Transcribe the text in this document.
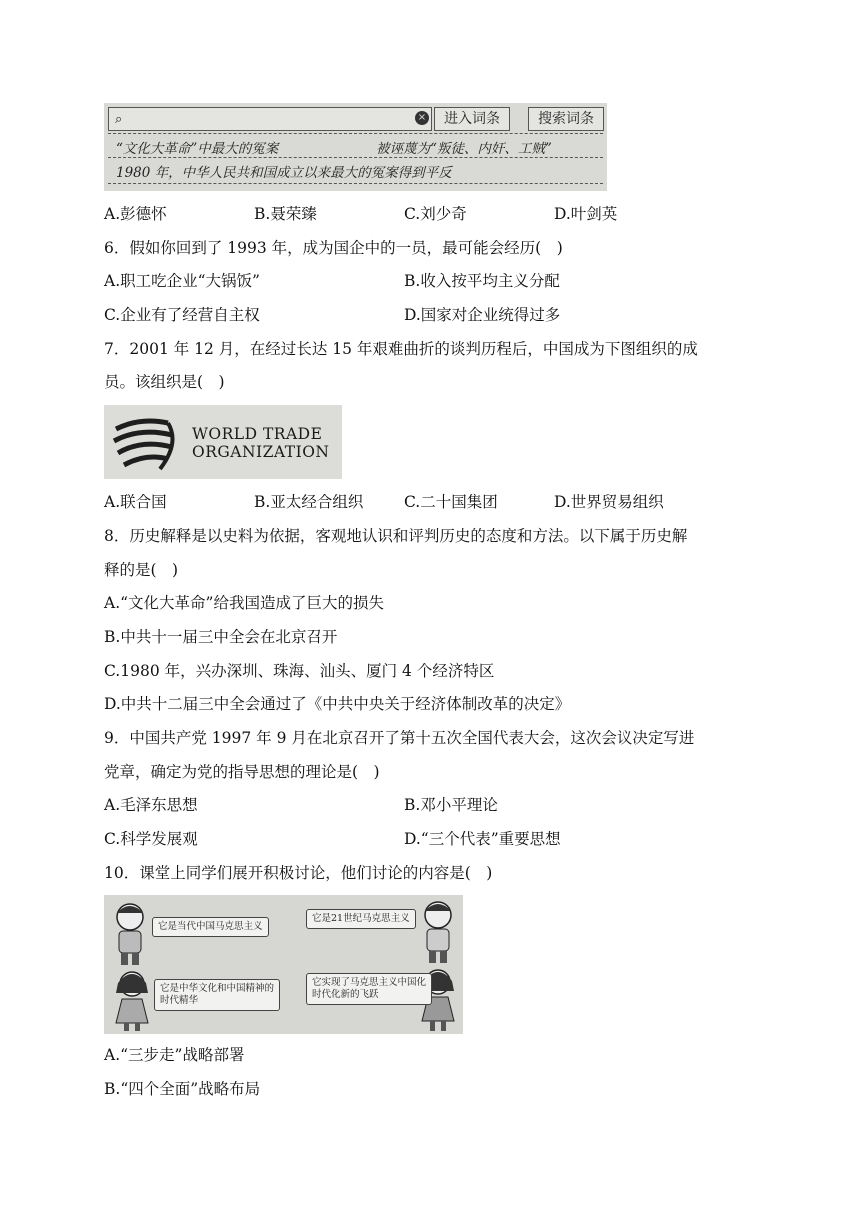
⌕	×	进入词条	搜索词条
“文化大革命”中最大的冤案	被诬蔑为“叛徒、内奸、工贼”
1980 年，中华人民共和国成立以来最大的冤案得到平反
A.彭德怀	B.聂荣臻	C.刘少奇	D.叶剑英
6．假如你回到了 1993 年，成为国企中的一员，最可能会经历(　)
A.职工吃企业“大锅饭”	B.收入按平均主义分配
C.企业有了经营自主权	D.国家对企业统得过多
7．2001 年 12 月，在经过长达 15 年艰难曲折的谈判历程后，中国成为下图组织的成
员。该组织是(　)
WORLD TRADE
ORGANIZATION
A.联合国	B.亚太经合组织	C.二十国集团	D.世界贸易组织
8．历史解释是以史料为依据，客观地认识和评判历史的态度和方法。以下属于历史解
释的是(　)
A.“文化大革命”给我国造成了巨大的损失
B.中共十一届三中全会在北京召开
C.1980 年，兴办深圳、珠海、汕头、厦门 4 个经济特区
D.中共十二届三中全会通过了《中共中央关于经济体制改革的决定》
9．中国共产党 1997 年 9 月在北京召开了第十五次全国代表大会，这次会议决定写进
党章，确定为党的指导思想的理论是(　)
A.毛泽东思想	B.邓小平理论
C.科学发展观	D.“三个代表”重要思想
10．课堂上同学们展开积极讨论，他们讨论的内容是(　)
它是当代中国马克思主义
它是21世纪马克思主义
它是中华文化和中国精神的
时代精华
它实现了马克思主义中国化
时代化新的飞跃
A.“三步走”战略部署
B.“四个全面”战略布局
